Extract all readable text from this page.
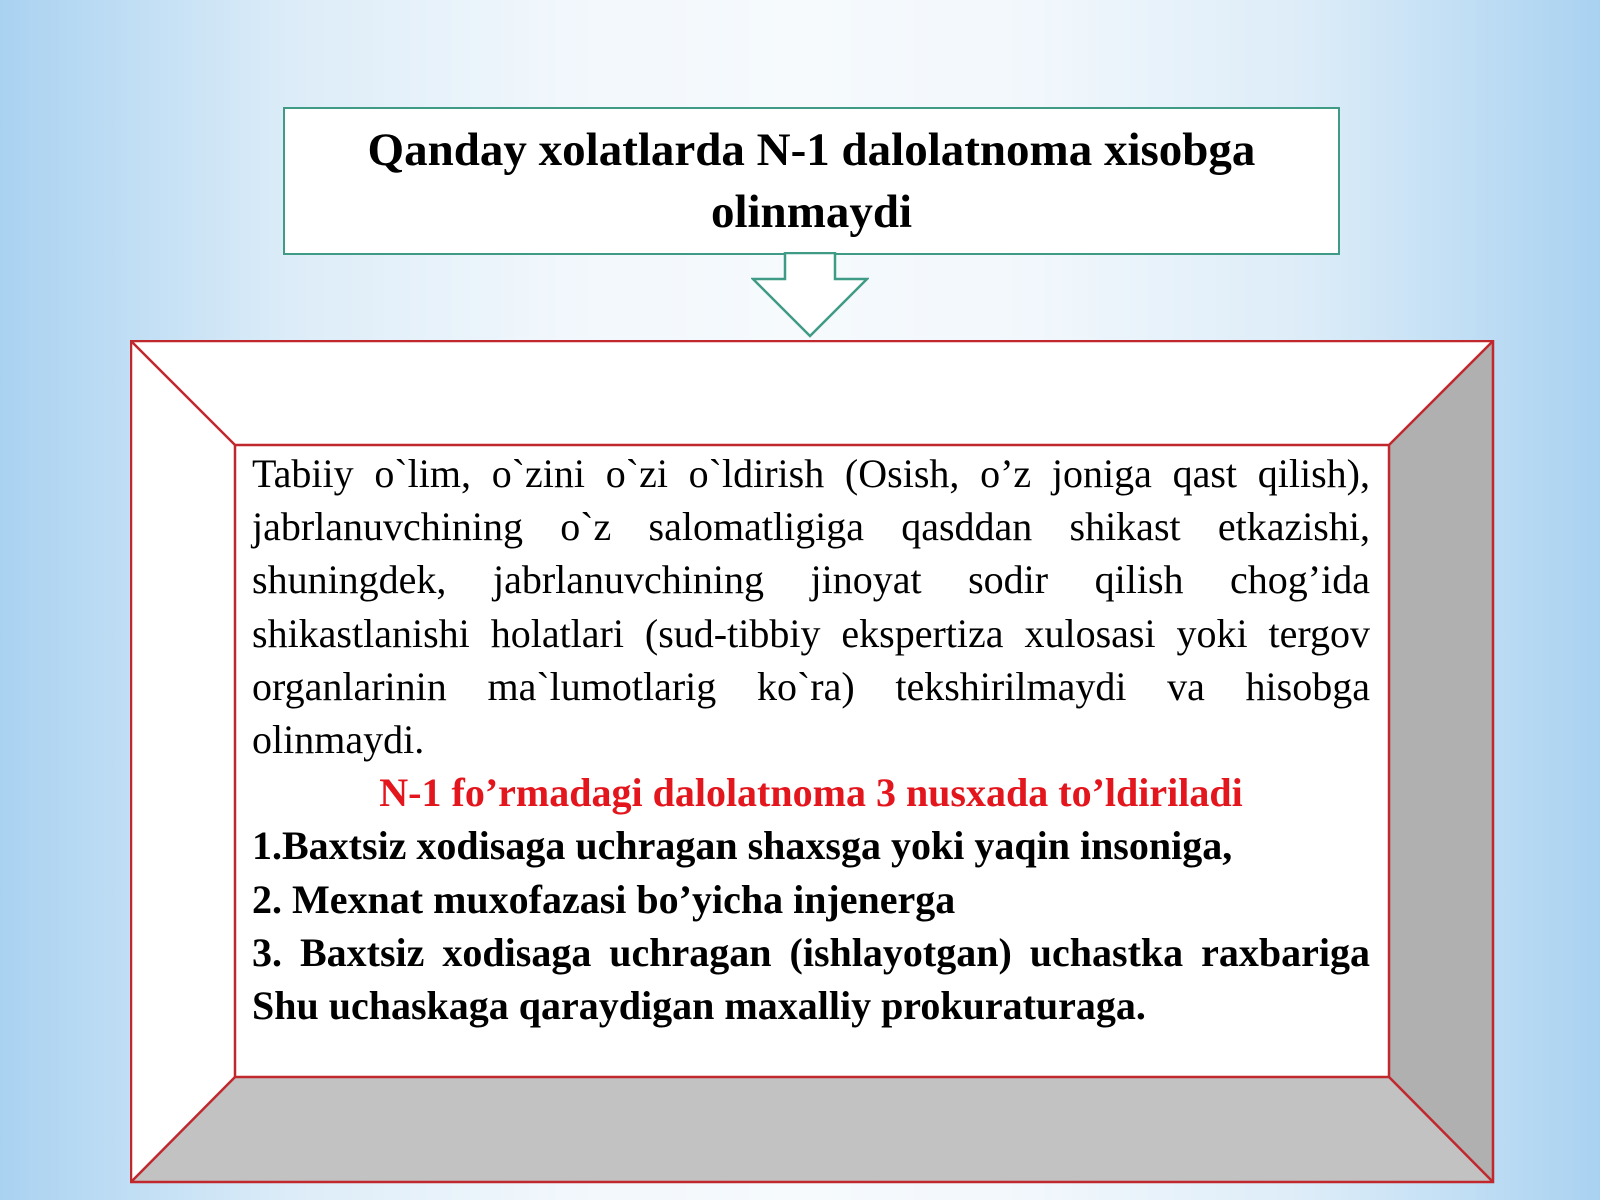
Qanday xolatlarda N-1 dalolatnoma xisobga olinmaydi

Tabiiy o`lim, o`zini o`zi o`ldirish (Osish, o’z joniga qast qilish), jabrlanuvchining o`z salomatligiga qasddan shikast etkazishi, shuningdek, jabrlanuvchining jinoyat sodir qilish chog’ida shikastlanishi holatlari (sud-tibbiy ekspertiza xulosasi yoki tergov organlarinin ma`lumotlarig ko`ra) tekshirilmaydi va hisobga olinmaydi.

N-1 fo’rmadagi dalolatnoma 3 nusxada to’ldiriladi

1.Baxtsiz xodisaga uchragan shaxsga yoki yaqin insoniga,

2. Mexnat muxofazasi bo’yicha injenerga

3. Baxtsiz xodisaga uchragan (ishlayotgan) uchastka raxbariga Shu uchaskaga qaraydigan maxalliy prokuraturaga.
